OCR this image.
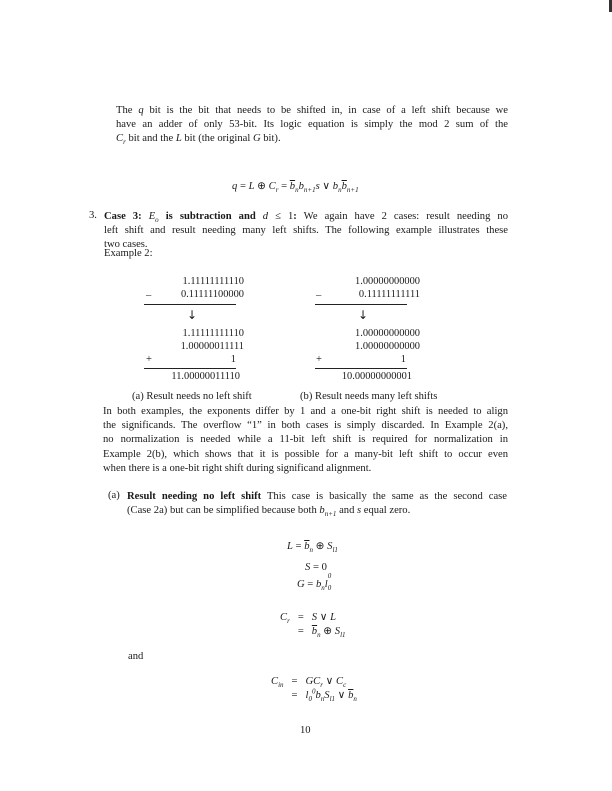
The q bit is the bit that needs to be shifted in, in case of a left shift because we
have an adder of only 53-bit. Its logic equation is simply the mod 2 sum of the
$C_r$ bit and the L bit (the original G bit).
q = L ⊕ $C_r = \overline{b}_nb_{n+1}s$ ∨ $b_n\overline{b}_{n+1}$
3. Case 3: $E_o$ is subtraction and d ≤ 1: We again have 2 cases: result needing no
left shift and result needing many left shifts. The following example illustrates these
two cases.
Example 2:
1.11111111110
_	0.11111100000
↓
1.11111111110
1.00000011111
+	1
11.00000011110
(a) Result needs no left shift
1.00000000000
_	0.11111111111
↓
1.00000000000
1.00000000000
+	1
10.00000000001
(b) Result needs many left shifts
In both examples, the exponents differ by 1 and a one-bit right shift is needed to align
the significands. The overflow “1” in both cases is simply discarded. In Example 2(a),
no normalization is needed while a 11-bit left shift is required for normalization in
Example 2(b), which shows that it is possible for a many-bit left shift to occur even
when there is a one-bit right shift during significand alignment.
(a) Result needing no left shift This case is basically the same as the second case
(Case 2a) but can be simplified because both $b_{n+1}$ and s equal zero.
$L = \overline{b}_n$ ⊕ $S_{l1}$
S = 0
$G = b_nl$
0
$_0$
$C_r$	=	S ∨ L
	=	$\overline{b}_n$ ⊕ $S_{l1}$
and
$C_{in}$	=	$GC_r$ ∨ $C_c$
	=	$l_0^0b_nS_{l1}$ ∨ $\overline{b}_n$
10
